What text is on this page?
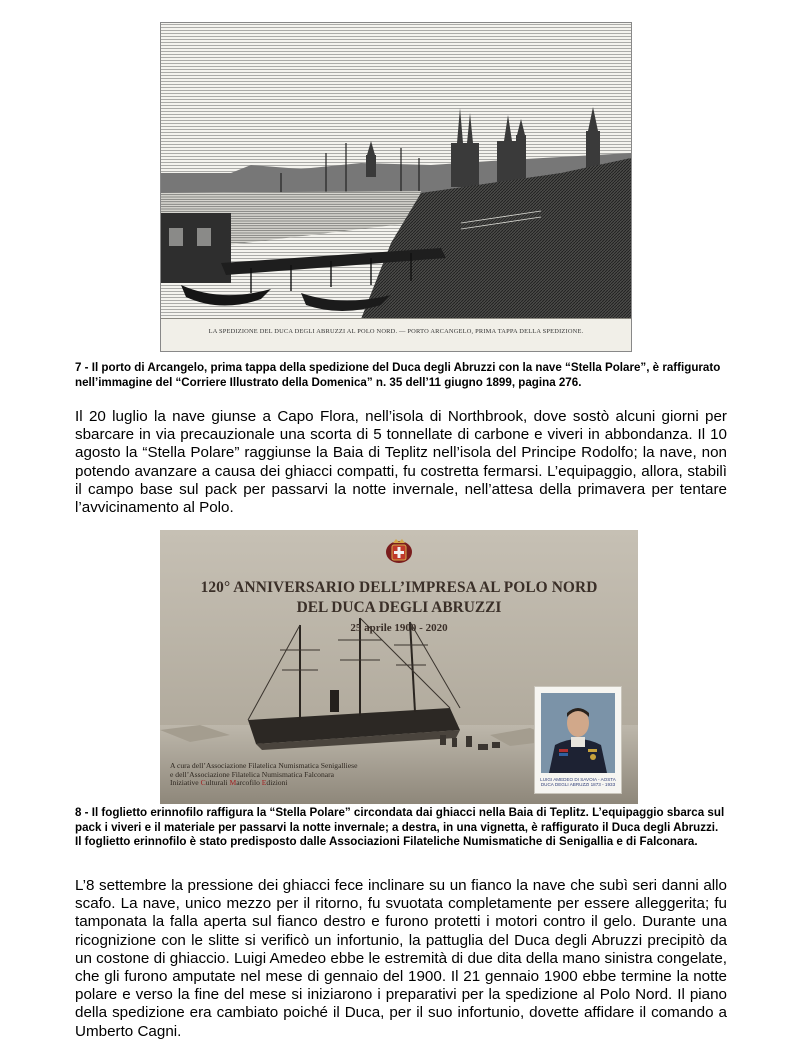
LA SPEDIZIONE DEL DUCA DEGLI ABRUZZI AL POLO NORD. — PORTO ARCANGELO, PRIMA TAPPA DELLA SPEDIZIONE.

7 - Il porto di Arcangelo, prima tappa della spedizione del Duca degli Abruzzi con la nave “Stella Polare”, è raffigurato nell’immagine del “Corriere Illustrato della Domenica” n. 35 dell’11 giugno 1899, pagina 276.

Il 20 luglio la nave giunse a Capo Flora, nell’isola di Northbrook, dove sostò alcuni giorni per sbarcare in via precauzionale una scorta di 5 tonnellate di carbone e viveri in abbondanza. Il 10 agosto la “Stella Polare” raggiunse la Baia di Teplitz nell’isola del Principe Rodolfo; la nave, non potendo avanzare a causa dei ghiacci compatti, fu costretta fermarsi. L’equipaggio, allora, stabilì il campo base sul pack per passarvi la notte invernale, nell’attesa della primavera per tentare l’avvicinamento al Polo.

120° ANNIVERSARIO DELL’IMPRESA AL POLO NORD
DEL DUCA DEGLI ABRUZZI
25 aprile 1900 - 2020
A cura dell’Associazione Filatelica Numismatica Senigalliese
e dell’Associazione Filatelica Numismatica Falconara
Iniziative Culturali Marcofilo Edizioni	LUIGI AMEDEO DI SAVOIA - AOSTA
DUCA DEGLI ABRUZZI 1873 - 1933

8 - Il foglietto erinnofilo raffigura la “Stella Polare” circondata dai ghiacci nella Baia di Teplitz. L’equipaggio sbarca sul pack i viveri e il materiale per passarvi la notte invernale; a destra, in una vignetta, è raffigurato il Duca degli Abruzzi. Il foglietto erinnofilo è stato predisposto dalle Associazioni Filateliche Numismatiche di Senigallia e di Falconara.

L’8 settembre la pressione dei ghiacci fece inclinare su un fianco la nave che subì seri danni allo scafo. La nave, unico mezzo per il ritorno, fu svuotata completamente per essere alleggerita; fu tamponata la falla aperta sul fianco destro e furono protetti i motori contro il gelo. Durante una ricognizione con le slitte si verificò un infortunio, la pattuglia del Duca degli Abruzzi precipitò da un costone di ghiaccio. Luigi Amedeo ebbe le estremità di due dita della mano sinistra congelate, che gli furono amputate nel mese di gennaio del 1900. Il 21 gennaio 1900 ebbe termine la notte polare e verso la fine del mese si iniziarono i preparativi per la spedizione al Polo Nord. Il piano della spedizione era cambiato poiché il Duca, per il suo infortunio, dovette affidare il comando a Umberto Cagni.
